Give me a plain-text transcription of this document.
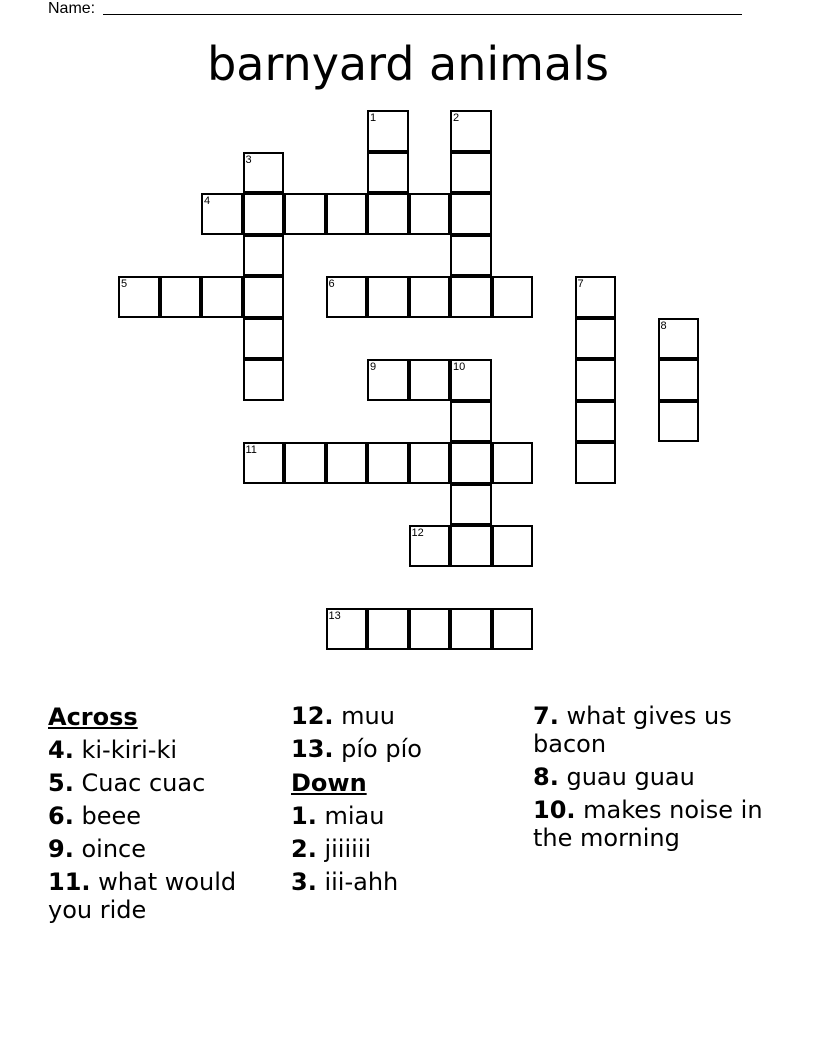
Name:
barnyard animals
1	2
3
4
5	6	7
8
9	10
11
12
13
Across
4. ki-kiri-ki
5. Cuac cuac
6. beee
9. oince
11. what would you ride
12. muu
13. pío pío
Down
1. miau
2. jiiiiii
3. iii-ahh
7. what gives us bacon
8. guau guau
10. makes noise in the morning
